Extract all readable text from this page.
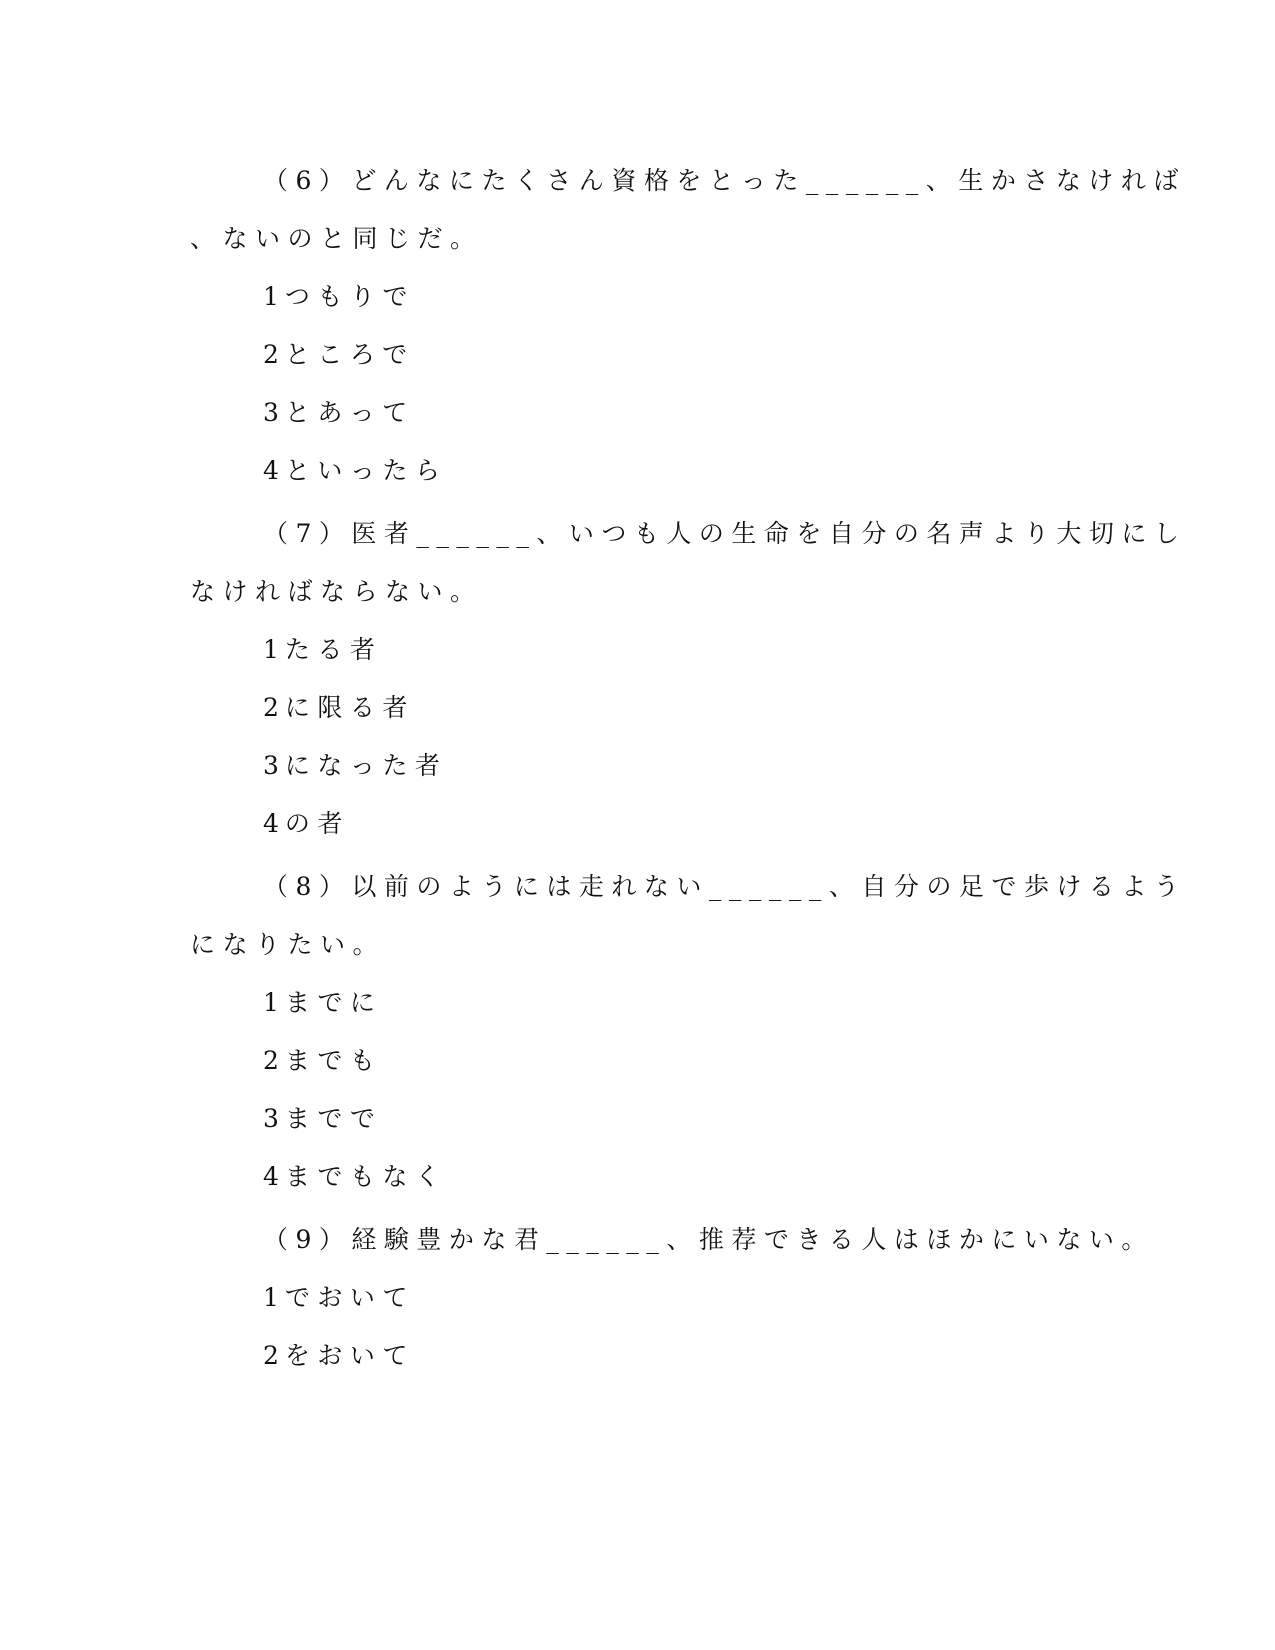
（6）どんなにたくさん資格をとった______、生かさなければ
、ないのと同じだ。
1 つもりで
2 ところで
3 とあって
4 といったら
（7）医者______、いつも人の生命を自分の名声より大切にし
なければならない。
1 たる者
2 に限る者
3 になった者
4 の者
（8）以前のようには走れない______、自分の足で歩けるよう
になりたい。
1 までに
2 までも
3 までで
4 までもなく
（9）経験豊かな君______、推荐できる人はほかにいない。
1 でおいて
2 をおいて
